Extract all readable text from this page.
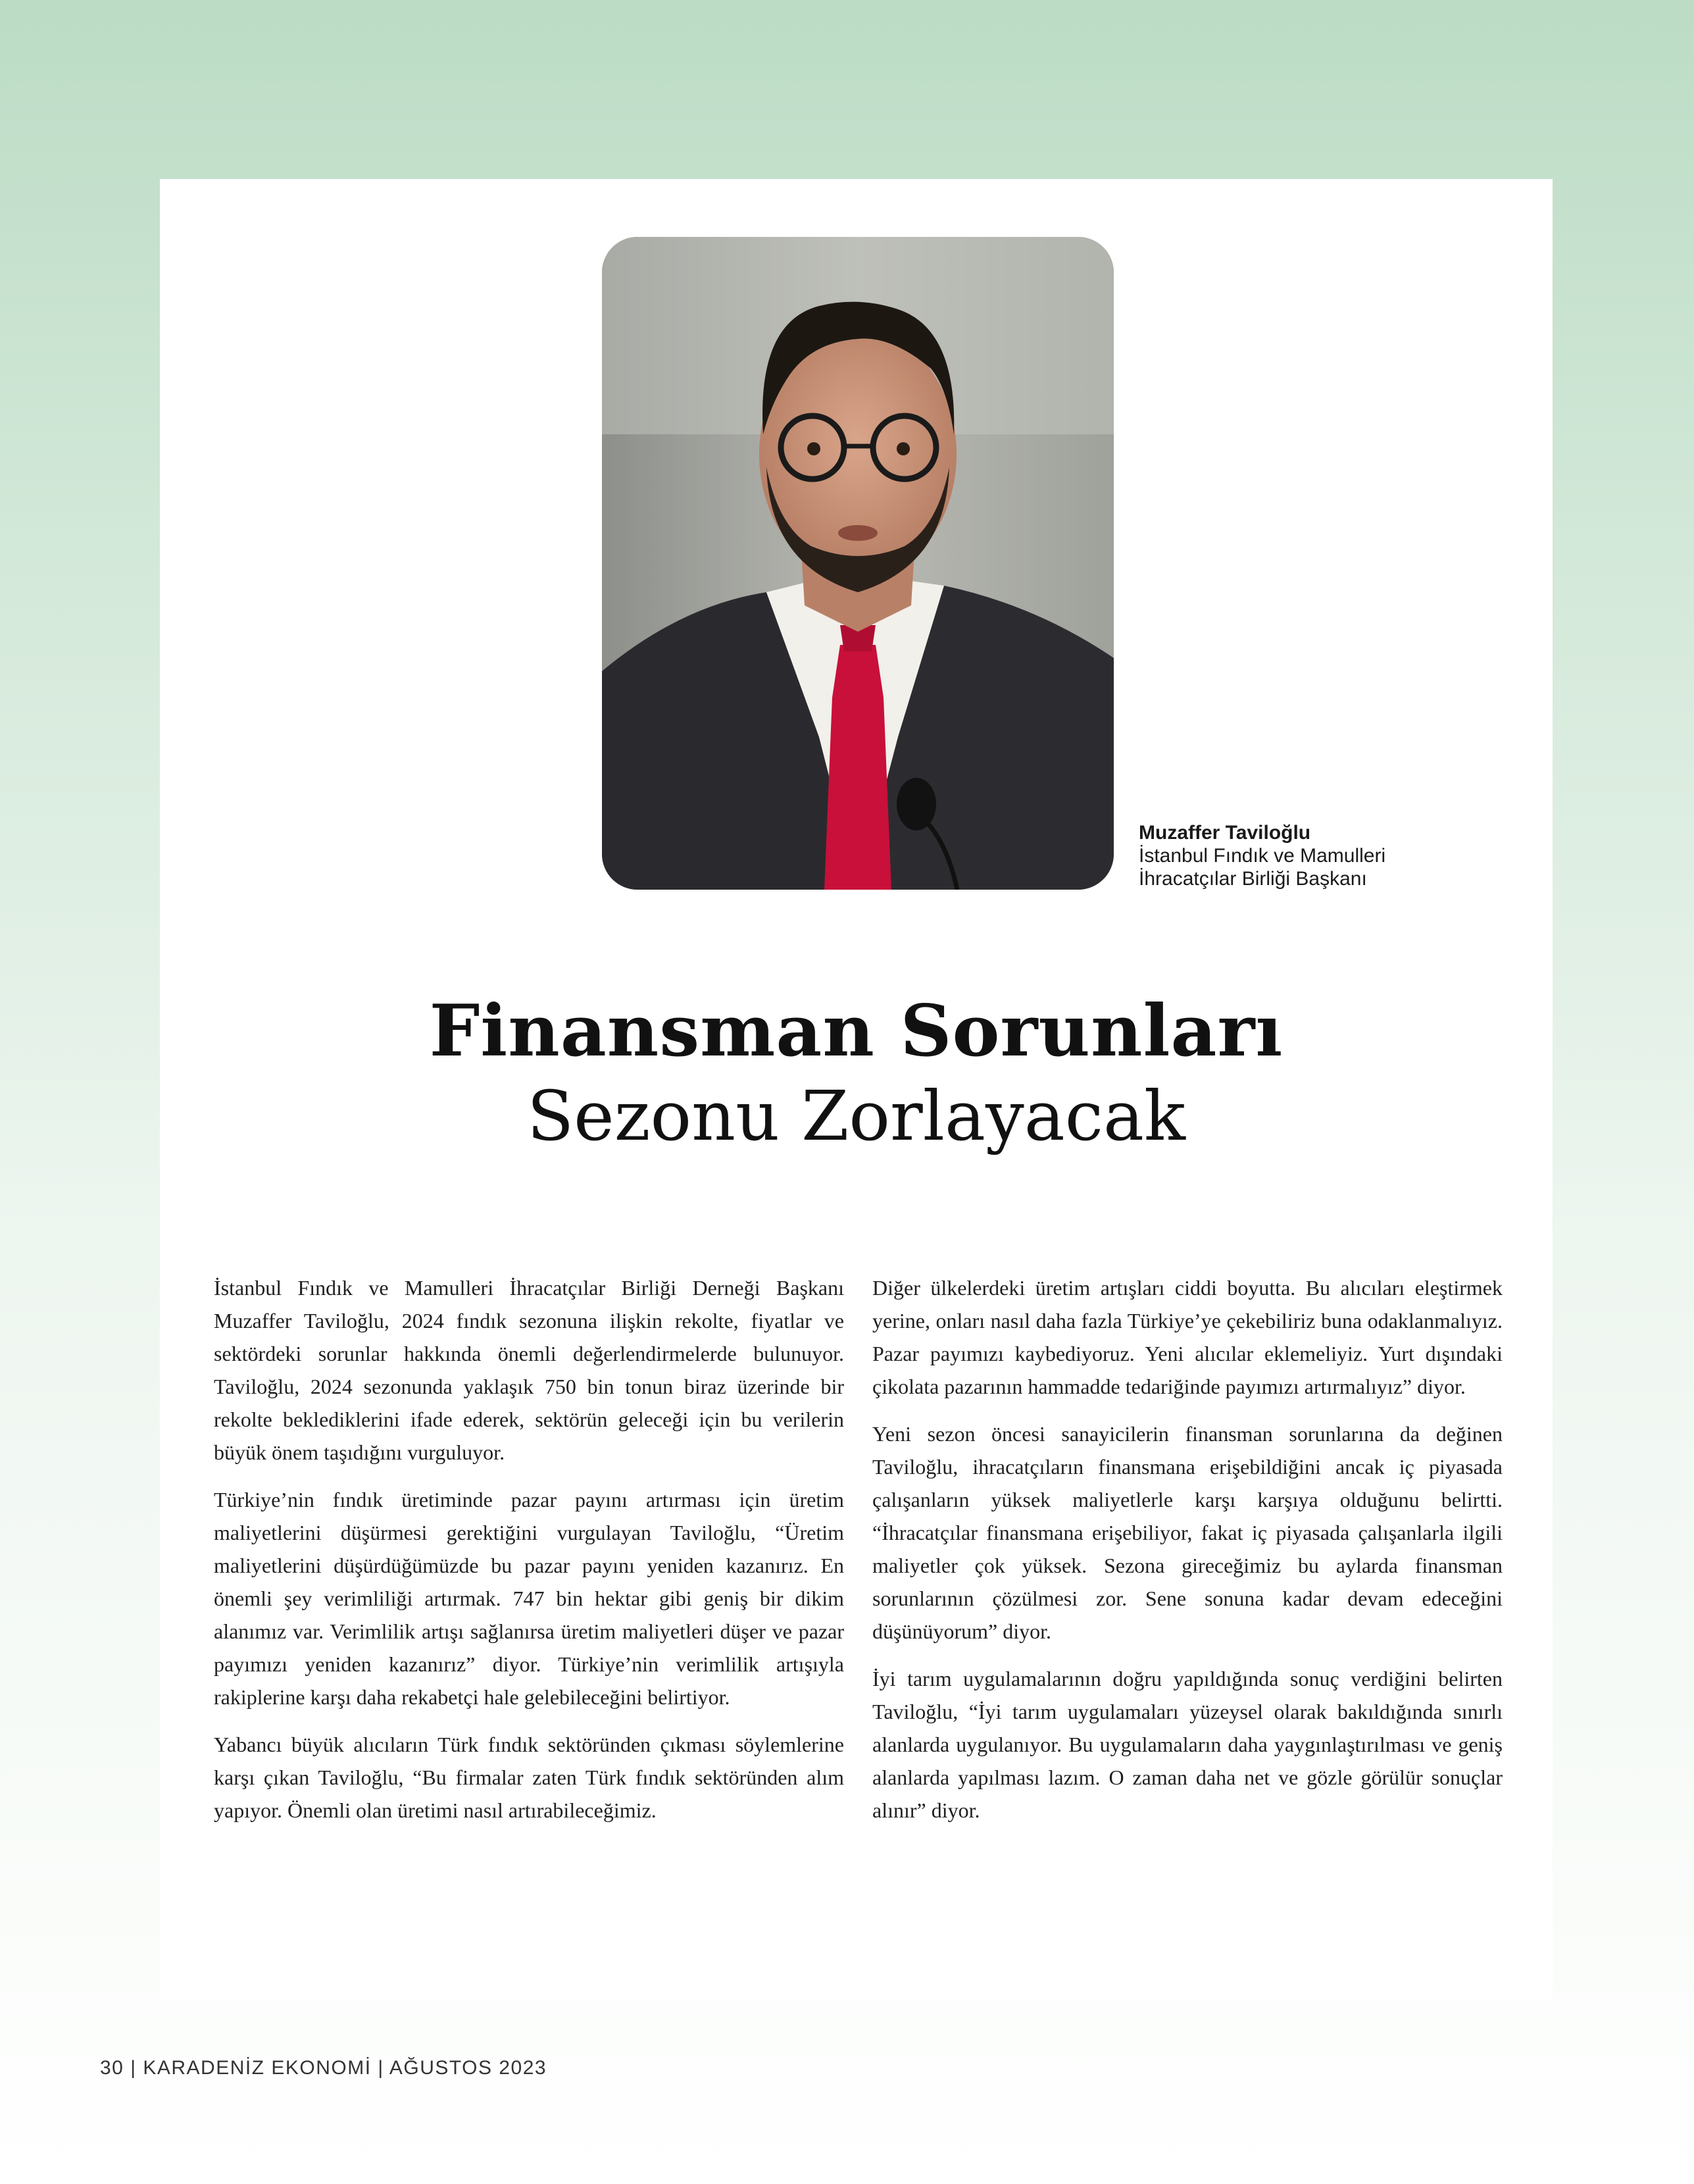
Muzaffer Taviloğlu
İstanbul Fındık ve Mamulleri
İhracatçılar Birliği Başkanı
Finansman Sorunları
Sezonu Zorlayacak

İstanbul Fındık ve Mamulleri İhracatçılar Birliği Derneği Başkanı Muzaffer Taviloğlu, 2024 fındık sezonuna ilişkin rekolte, fiyatlar ve sektördeki sorunlar hakkında önemli değerlendirmelerde bulunuyor. Taviloğlu, 2024 sezonunda yaklaşık 750 bin tonun biraz üzerinde bir rekolte beklediklerini ifade ederek, sektörün geleceği için bu verilerin büyük önem taşıdığını vurguluyor.

Türkiye’nin fındık üretiminde pazar payını artırması için üretim maliyetlerini düşürmesi gerektiğini vurgulayan Taviloğlu, “Üretim maliyetlerini düşürdüğümüzde bu pazar payını yeniden kazanırız. En önemli şey verimliliği artırmak. 747 bin hektar gibi geniş bir dikim alanımız var. Verimlilik artışı sağlanırsa üretim maliyetleri düşer ve pazar payımızı yeniden kazanırız” diyor. Türkiye’nin verimlilik artışıyla rakiplerine karşı daha rekabetçi hale gelebileceğini belirtiyor.

Yabancı büyük alıcıların Türk fındık sektöründen çıkması söylemlerine karşı çıkan Taviloğlu, “Bu firmalar zaten Türk fındık sektöründen alım yapıyor. Önemli olan üretimi nasıl artırabileceğimiz.

Diğer ülkelerdeki üretim artışları ciddi boyutta. Bu alıcıları eleştirmek yerine, onları nasıl daha fazla Türkiye’ye çekebiliriz buna odaklanmalıyız. Pazar payımızı kaybediyoruz. Yeni alıcılar eklemeliyiz. Yurt dışındaki çikolata pazarının hammadde tedariğinde payımızı artırmalıyız” diyor.

Yeni sezon öncesi sanayicilerin finansman sorunlarına da değinen Taviloğlu, ihracatçıların finansmana erişebildiğini ancak iç piyasada çalışanların yüksek maliyetlerle karşı karşıya olduğunu belirtti. “İhracatçılar finansmana erişebiliyor, fakat iç piyasada çalışanlarla ilgili maliyetler çok yüksek. Sezona gireceğimiz bu aylarda finansman sorunlarının çözülmesi zor. Sene sonuna kadar devam edeceğini düşünüyorum” diyor.

İyi tarım uygulamalarının doğru yapıldığında sonuç verdiğini belirten Taviloğlu, “İyi tarım uygulamaları yüzeysel olarak bakıldığında sınırlı alanlarda uygulanıyor. Bu uygulamaların daha yaygınlaştırılması ve geniş alanlarda yapılması lazım. O zaman daha net ve gözle görülür sonuçlar alınır” diyor.

30 | KARADENİZ EKONOMİ | AĞUSTOS 2023
